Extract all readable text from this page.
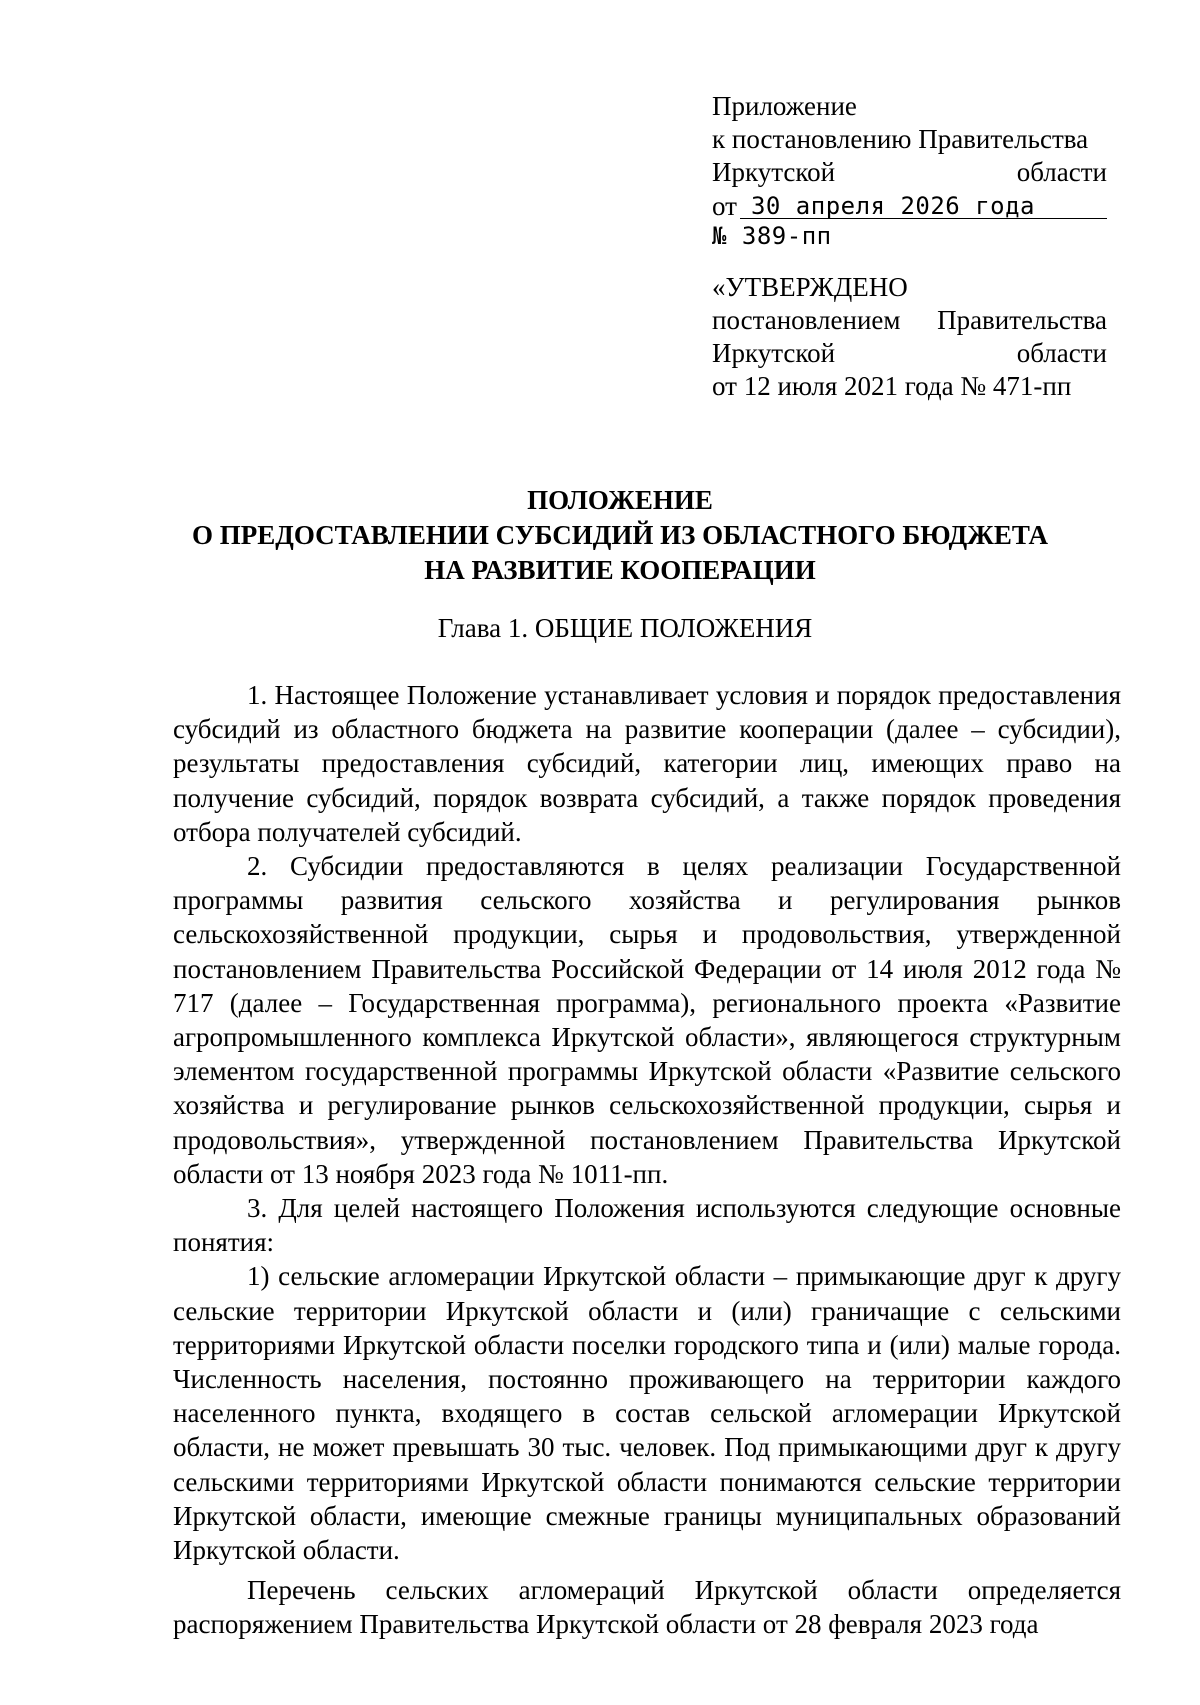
Приложение
к постановлению Правительства
Иркутской	области
от 30 апреля 2026 года
№ 389-пп
«УТВЕРЖДЕНО
постановлением Правительства
Иркутской	области
от 12 июля 2021 года № 471-пп
ПОЛОЖЕНИЕ
О ПРЕДОСТАВЛЕНИИ СУБСИДИЙ ИЗ ОБЛАСТНОГО БЮДЖЕТА
НА РАЗВИТИЕ КООПЕРАЦИИ
Глава 1. ОБЩИЕ ПОЛОЖЕНИЯ

1. Настоящее Положение устанавливает условия и порядок предоставления субсидий из областного бюджета на развитие кооперации (далее – субсидии), результаты предоставления субсидий, категории лиц, имеющих право на получение субсидий, порядок возврата субсидий, а также порядок проведения отбора получателей субсидий.

2. Субсидии предоставляются в целях реализации Государственной программы развития сельского хозяйства и регулирования рынков сельскохозяйственной продукции, сырья и продовольствия, утвержденной постановлением Правительства Российской Федерации от 14 июля 2012 года № 717 (далее – Государственная программа), регионального проекта «Развитие агропромышленного комплекса Иркутской области», являющегося структурным элементом государственной программы Иркутской области «Развитие сельского хозяйства и регулирование рынков сельскохозяйственной продукции, сырья и продовольствия», утвержденной постановлением Правительства Иркутской области от 13 ноября 2023 года № 1011-пп.

3. Для целей настоящего Положения используются следующие основные понятия:

1) сельские агломерации Иркутской области – примыкающие друг к другу сельские территории Иркутской области и (или) граничащие с сельскими территориями Иркутской области поселки городского типа и (или) малые города. Численность населения, постоянно проживающего на территории каждого населенного пункта, входящего в состав сельской агломерации Иркутской области, не может превышать 30 тыс. человек. Под примыкающими друг к другу сельскими территориями Иркутской области понимаются сельские территории Иркутской области, имеющие смежные границы муниципальных образований Иркутской области.

Перечень сельских агломераций Иркутской области определяется распоряжением Правительства Иркутской области от 28 февраля 2023 года
